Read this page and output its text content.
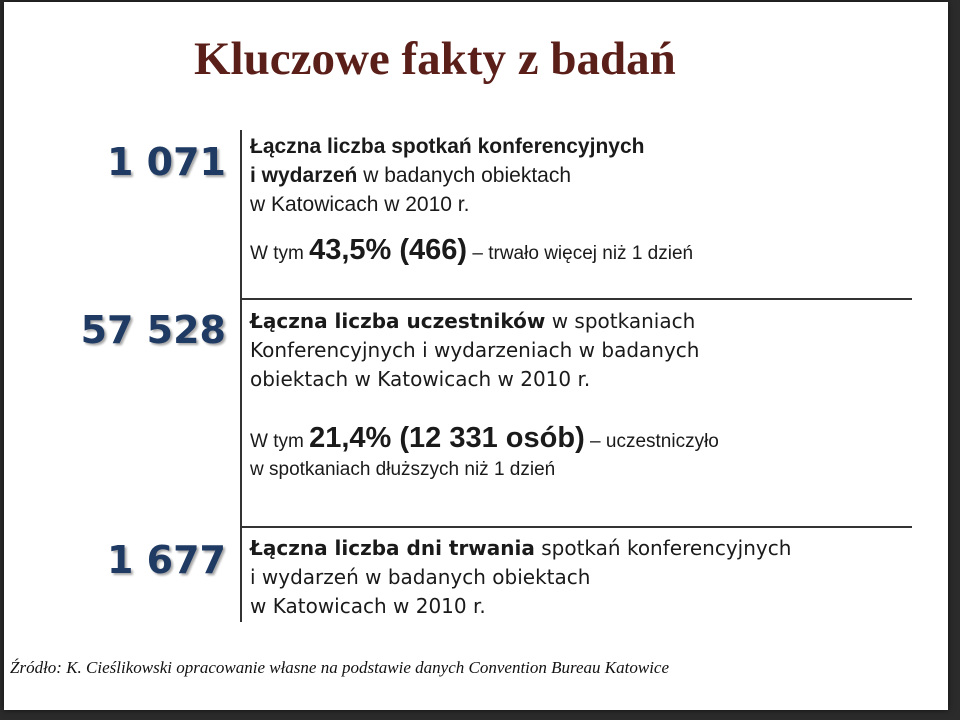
Kluczowe fakty z badań
1 071 Łączna liczba spotkań konferencyjnych
i wydarzeń w badanych obiektach
w Katowicach w 2010 r.
W tym 43,5% (466) – trwało więcej niż 1 dzień
57 528 Łączna liczba uczestników w spotkaniach
Konferencyjnych i wydarzeniach w badanych
obiektach w Katowicach w 2010 r.
W tym 21,4% (12 331 osób) – uczestniczyło
w spotkaniach dłuższych niż 1 dzień
1 677 Łączna liczba dni trwania spotkań konferencyjnych
i wydarzeń w badanych obiektach
w Katowicach w 2010 r.
Źródło: K. Cieślikowski opracowanie własne na podstawie danych Convention Bureau Katowice
